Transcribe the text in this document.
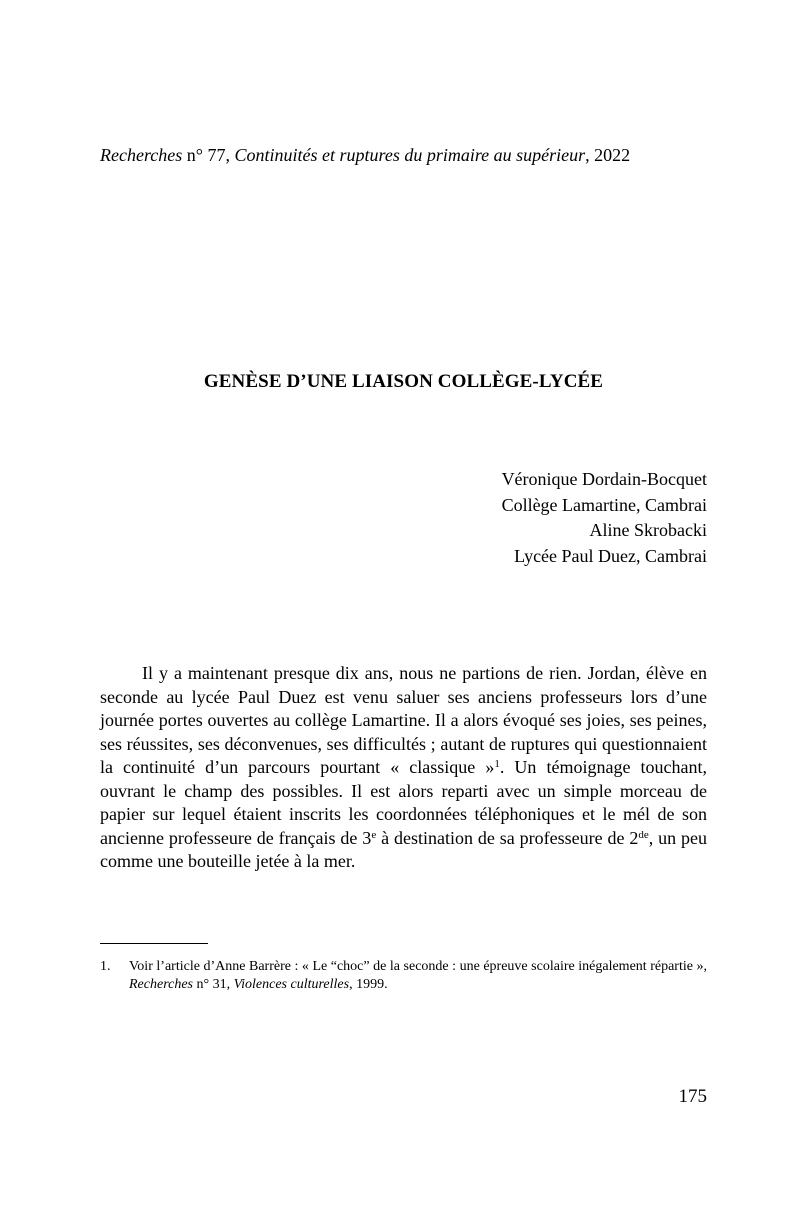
Recherches n° 77, Continuités et ruptures du primaire au supérieur, 2022
GENÈSE D’UNE LIAISON COLLÈGE-LYCÉE
Véronique Dordain-Bocquet
Collège Lamartine, Cambrai
Aline Skrobacki
Lycée Paul Duez, Cambrai

Il y a maintenant presque dix ans, nous ne partions de rien. Jordan, élève en seconde au lycée Paul Duez est venu saluer ses anciens professeurs lors d’une journée portes ouvertes au collège Lamartine. Il a alors évoqué ses joies, ses peines, ses réussites, ses déconvenues, ses difficultés ; autant de ruptures qui questionnaient la continuité d’un parcours pourtant « classique »$^1$. Un témoignage touchant, ouvrant le champ des possibles. Il est alors reparti avec un simple morceau de papier sur lequel étaient inscrits les coordonnées téléphoniques et le mél de son ancienne professeure de français de 3e à destination de sa professeure de 2de, un peu comme une bouteille jetée à la mer.

1. Voir l’article d’Anne Barrère : « Le “choc” de la seconde : une épreuve scolaire inégalement répartie », Recherches n° 31, Violences culturelles, 1999.
175
